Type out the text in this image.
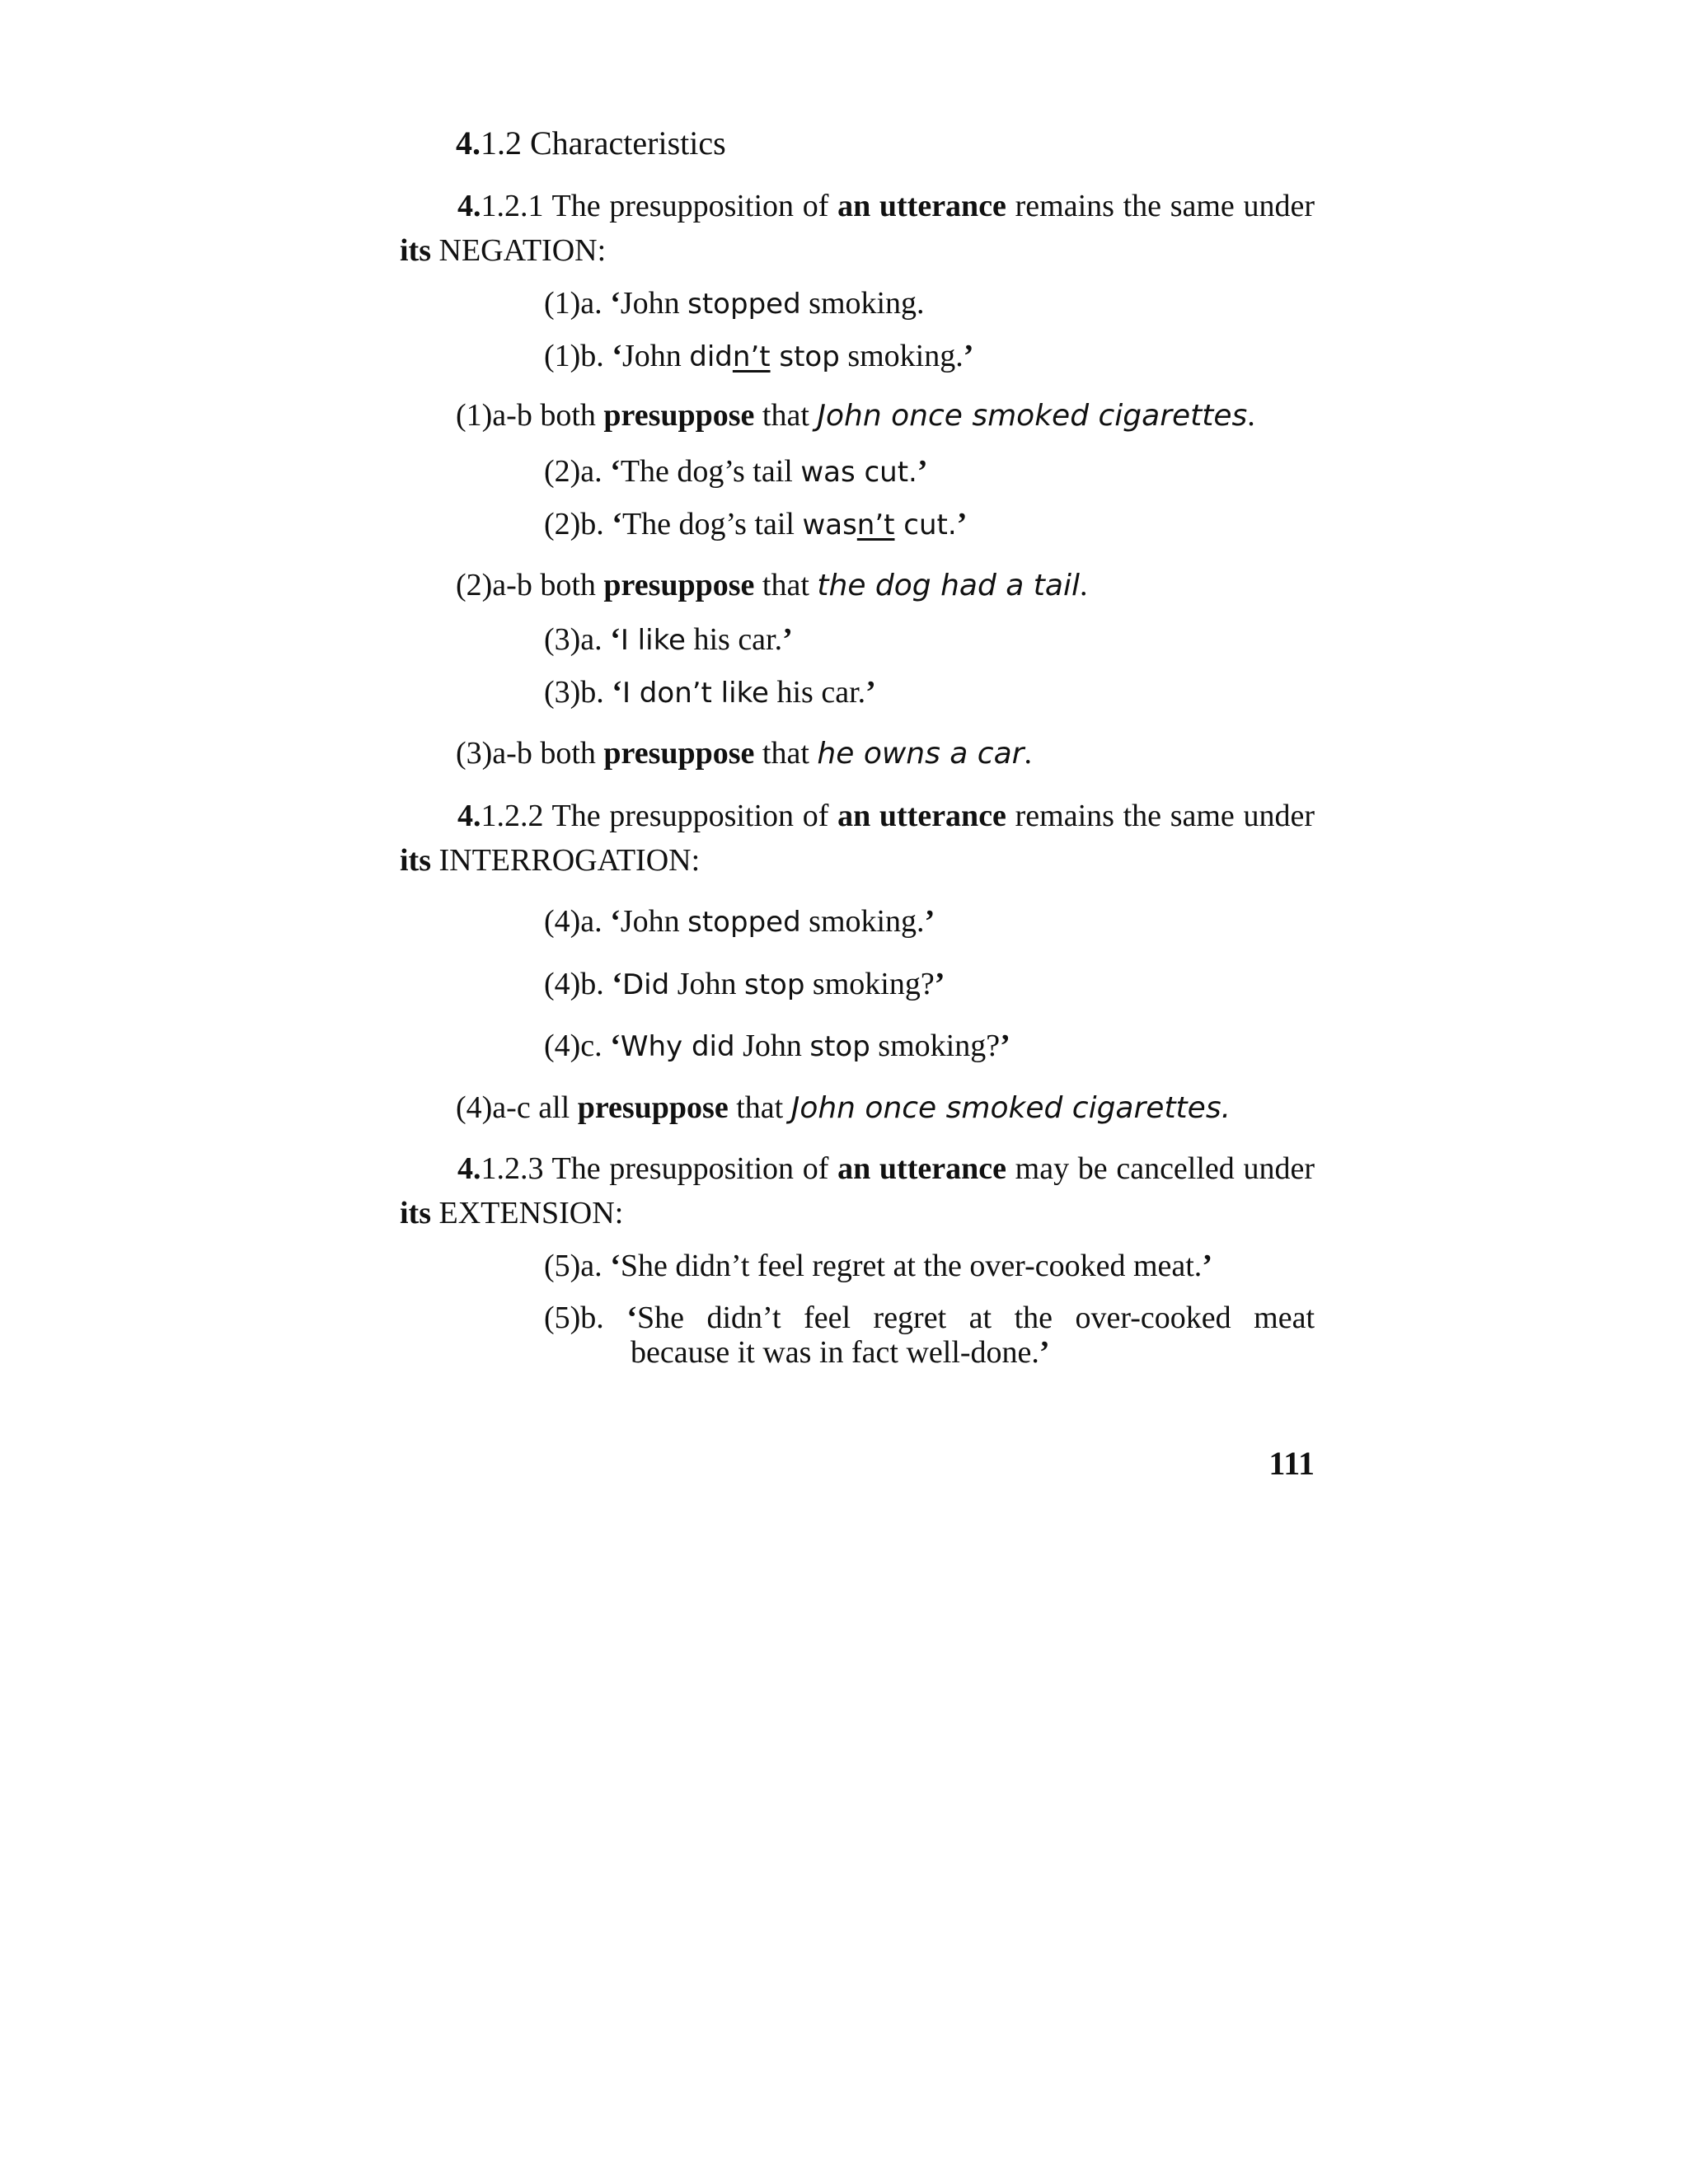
4.1.2 Characteristics
4.1.2.1 The presupposition of an utterance remains the same under its NEGATION:
(1)a. ‘John stopped smoking.
(1)b. ‘John didn’t stop smoking.’
(1)a-b both presuppose that John once smoked cigarettes.
(2)a. ‘The dog’s tail was cut.’
(2)b. ‘The dog’s tail wasn’t cut.’
(2)a-b both presuppose that the dog had a tail.
(3)a. ‘I like his car.’
(3)b. ‘I don’t like his car.’
(3)a-b both presuppose that he owns a car.
4.1.2.2 The presupposition of an utterance remains the same under its INTERROGATION:
(4)a. ‘John stopped smoking.’
(4)b. ‘Did John stop smoking?’
(4)c. ‘Why did John stop smoking?’
(4)a-c all presuppose that John once smoked cigarettes.
4.1.2.3 The presupposition of an utterance may be cancelled under its EXTENSION:
(5)a. ‘She didn’t feel regret at the over-cooked meat.’
(5)b. ‘She didn’t feel regret at the over-cooked meat
because it was in fact well-done.’
111
